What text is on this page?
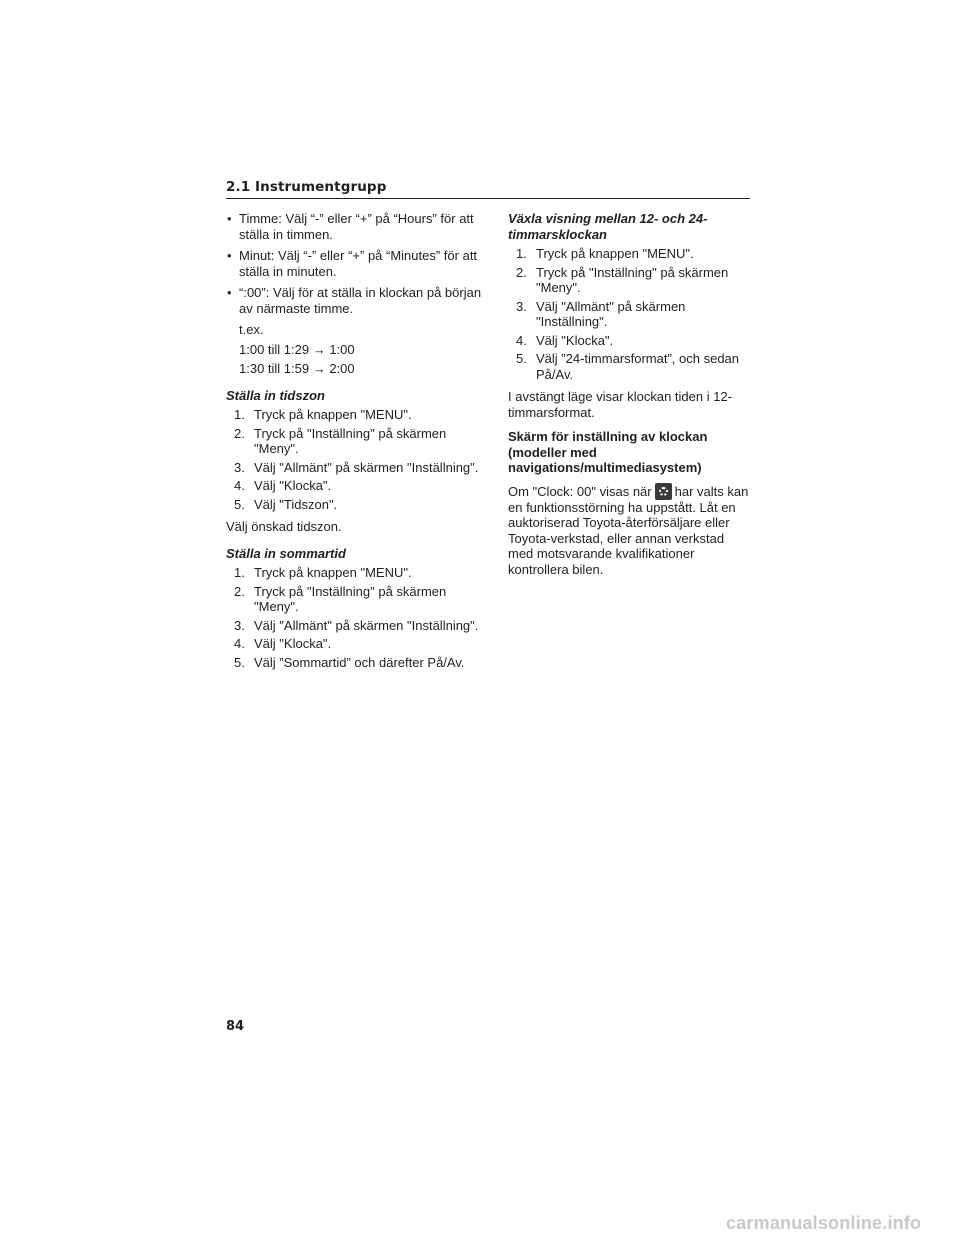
2.1 Instrumentgrupp
• Timme: Välj “-” eller “+” på “Hours” för att ställa in timmen.
• Minut: Välj “-” eller “+” på “Minutes” för att ställa in minuten.
• “:00”: Välj för at ställa in klockan på början av närmaste timme.
t.ex.
1:00 till 1:29 → 1:00
1:30 till 1:59 → 2:00
Ställa in tidszon
1. Tryck på knappen "MENU".
2. Tryck på "Inställning" på skärmen "Meny".
3. Välj "Allmänt" på skärmen "Inställning".
4. Välj "Klocka".
5. Välj "Tidszon".
Välj önskad tidszon.
Ställa in sommartid
1. Tryck på knappen "MENU".
2. Tryck på "Inställning" på skärmen "Meny".
3. Välj "Allmänt" på skärmen "Inställning".
4. Välj "Klocka".
5. Välj ”Sommartid” och därefter På/Av.
Växla visning mellan 12- och 24-timmarsklockan
1. Tryck på knappen "MENU".
2. Tryck på "Inställning" på skärmen "Meny".
3. Välj "Allmänt" på skärmen "Inställning".
4. Välj "Klocka".
5. Välj ”24-timmarsformat”, och sedan På/Av.
I avstängt läge visar klockan tiden i 12-timmarsformat.
Skärm för inställning av klockan (modeller med navigations/multimediasystem)
Om "Clock: 00" visas när har valts kan en funktionsstörning ha uppstått. Låt en auktoriserad Toyota-återförsäljare eller Toyota-verkstad, eller annan verkstad med motsvarande kvalifikationer kontrollera bilen.
84
carmanualsonline.info
